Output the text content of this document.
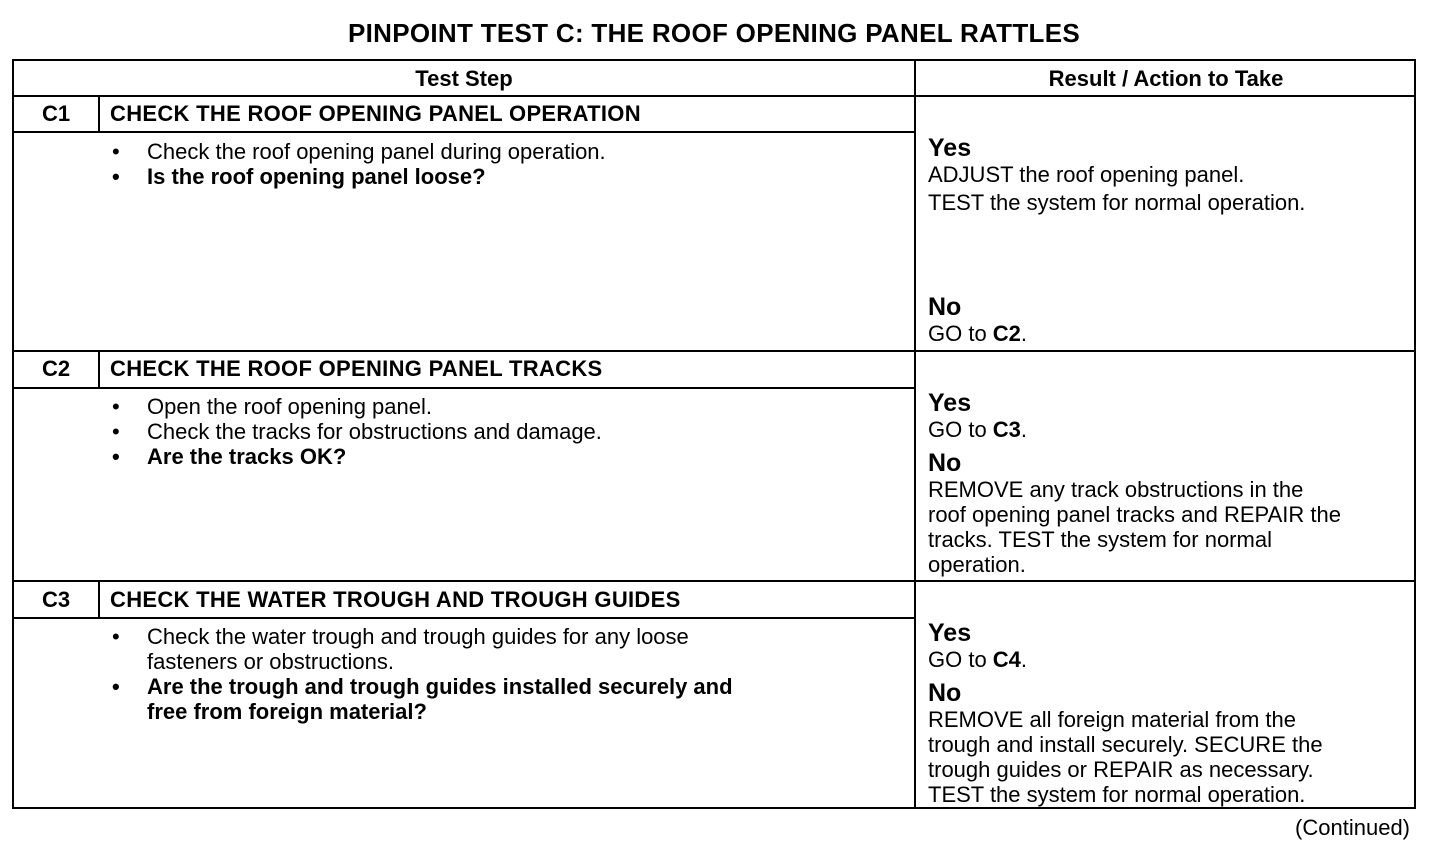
PINPOINT TEST C: THE ROOF OPENING PANEL RATTLES
Test Step	Result / Action to Take
C1	CHECK THE ROOF OPENING PANEL OPERATION
• Check the roof opening panel during operation.
• Is the roof opening panel loose?
Yes
ADJUST the roof opening panel.
TEST the system for normal operation.
No
GO to C2.
C2	CHECK THE ROOF OPENING PANEL TRACKS
• Open the roof opening panel.
• Check the tracks for obstructions and damage.
• Are the tracks OK?
Yes
GO to C3.
No
REMOVE any track obstructions in the
roof opening panel tracks and REPAIR the
tracks. TEST the system for normal
operation.
C3	CHECK THE WATER TROUGH AND TROUGH GUIDES
• Check the water trough and trough guides for any loose
fasteners or obstructions.
• Are the trough and trough guides installed securely and
free from foreign material?
Yes
GO to C4.
No
REMOVE all foreign material from the
trough and install securely. SECURE the
trough guides or REPAIR as necessary.
TEST the system for normal operation.
(Continued)
